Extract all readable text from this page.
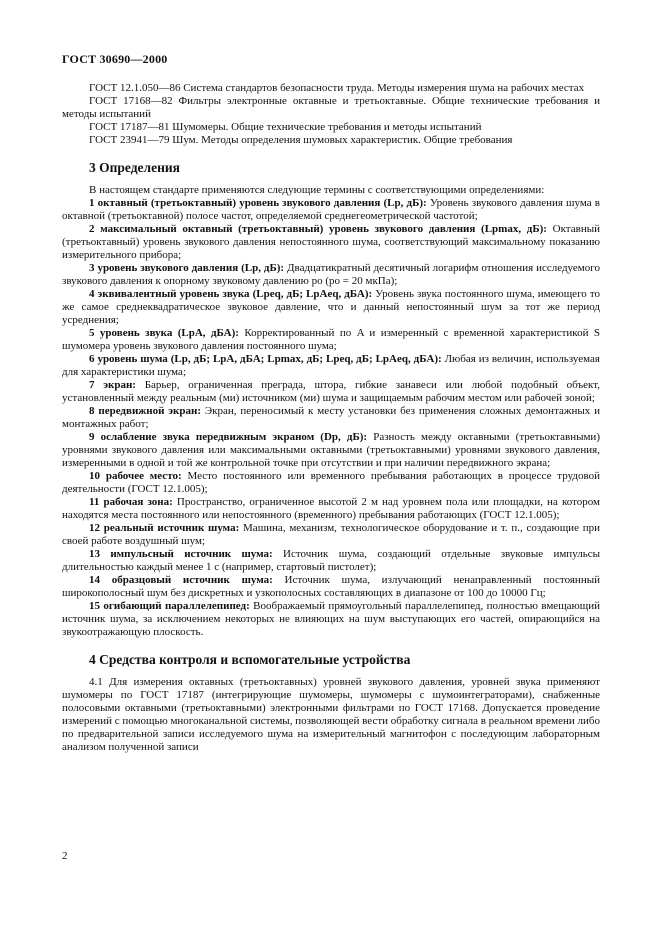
ГОСТ 30690—2000

ГОСТ 12.1.050—86 Система стандартов безопасности труда. Методы измерения шума на рабочих местах

ГОСТ 17168—82 Фильтры электронные октавные и третьоктавные. Общие технические требования и методы испытаний

ГОСТ 17187—81 Шумомеры. Общие технические требования и методы испытаний

ГОСТ 23941—79 Шум. Методы определения шумовых характеристик. Общие требования

3 Определения

В настоящем стандарте применяются следующие термины с соответствующими определениями:

1 октавный (третьоктавный) уровень звукового давления (Lp, дБ): Уровень звукового давления шума в октавной (третьоктавной) полосе частот, определяемой среднегеометрической частотой;

2 максимальный октавный (третьоктавный) уровень звукового давления (Lpmax, дБ): Октавный (третьоктавный) уровень звукового давления непостоянного шума, соответствующий максимальному показанию измерительного прибора;

3 уровень звукового давления (Lp, дБ): Двадцатикратный десятичный логарифм отношения исследуемого звукового давления к опорному звуковому давлению po (po = 20 мкПа);

4 эквивалентный уровень звука (Lpeq, дБ; LpAeq, дБА): Уровень звука постоянного шума, имеющего то же самое среднеквадратическое звуковое давление, что и данный непостоянный шум за тот же период усреднения;

5 уровень звука (LpA, дБА): Корректированный по A и измеренный с временной характеристикой S шумомера уровень звукового давления постоянного шума;

6 уровень шума (Lp, дБ; LpA, дБА; Lpmax, дБ; Lpeq, дБ; LpAeq, дБА): Любая из величин, используемая для характеристики шума;

7 экран: Барьер, ограниченная преграда, штора, гибкие занавеси или любой подобный объект, установленный между реальным (ми) источником (ми) шума и защищаемым рабочим местом или рабочей зоной;

8 передвижной экран: Экран, переносимый к месту установки без применения сложных демонтажных и монтажных работ;

9 ослабление звука передвижным экраном (Dp, дБ): Разность между октавными (третьоктавными) уровнями звукового давления или максимальными октавными (третьоктавными) уровнями звукового давления, измеренными в одной и той же контрольной точке при отсутствии и при наличии передвижного экрана;

10 рабочее место: Место постоянного или временного пребывания работающих в процессе трудовой деятельности (ГОСТ 12.1.005);

11 рабочая зона: Пространство, ограниченное высотой 2 м над уровнем пола или площадки, на котором находятся места постоянного или непостоянного (временного) пребывания работающих (ГОСТ 12.1.005);

12 реальный источник шума: Машина, механизм, технологическое оборудование и т. п., создающие при своей работе воздушный шум;

13 импульсный источник шума: Источник шума, создающий отдельные звуковые импульсы длительностью каждый менее 1 с (например, стартовый пистолет);

14 образцовый источник шума: Источник шума, излучающий ненаправленный постоянный широкополосный шум без дискретных и узкополосных составляющих в диапазоне от 100 до 10000 Гц;

15 огибающий параллелепипед: Воображаемый прямоугольный параллелепипед, полностью вмещающий источник шума, за исключением некоторых не влияющих на шум выступающих его частей, опирающийся на звукоотражающую плоскость.

4 Средства контроля и вспомогательные устройства

4.1 Для измерения октавных (третьоктавных) уровней звукового давления, уровней звука применяют шумомеры по ГОСТ 17187 (интегрирующие шумомеры, шумомеры с шумоинтеграторами), снабженные полосовыми октавными (третьоктавными) электронными фильтрами по ГОСТ 17168. Допускается проведение измерений с помощью многоканальной системы, позволяющей вести обработку сигнала в реальном времени либо по предварительной записи исследуемого шума на измерительный магнитофон с последующим лабораторным анализом полученной записи

2
